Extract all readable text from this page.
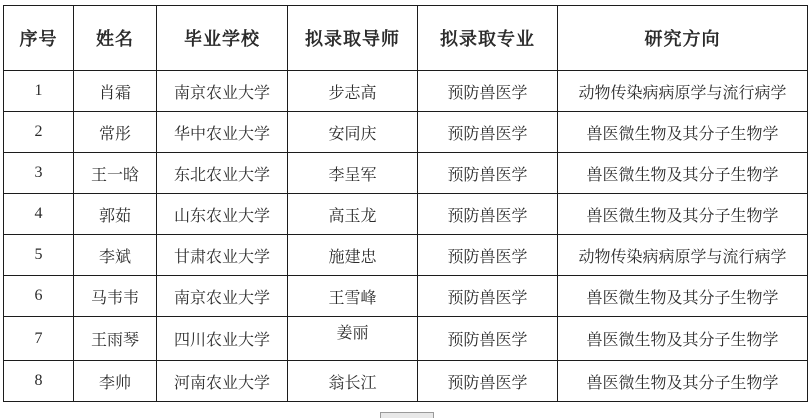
序号	姓名	毕业学校	拟录取导师	拟录取专业	研究方向
1	肖霜	南京农业大学	步志高	预防兽医学	动物传染病病原学与流行病学
2	常彤	华中农业大学	安同庆	预防兽医学	兽医微生物及其分子生物学
3	王一晗	东北农业大学	李呈军	预防兽医学	兽医微生物及其分子生物学
4	郭茹	山东农业大学	高玉龙	预防兽医学	兽医微生物及其分子生物学
5	李斌	甘肃农业大学	施建忠	预防兽医学	动物传染病病原学与流行病学
6	马韦韦	南京农业大学	王雪峰	预防兽医学	兽医微生物及其分子生物学
7	王雨琴	四川农业大学	姜丽	预防兽医学	兽医微生物及其分子生物学
8	李帅	河南农业大学	翁长江	预防兽医学	兽医微生物及其分子生物学
